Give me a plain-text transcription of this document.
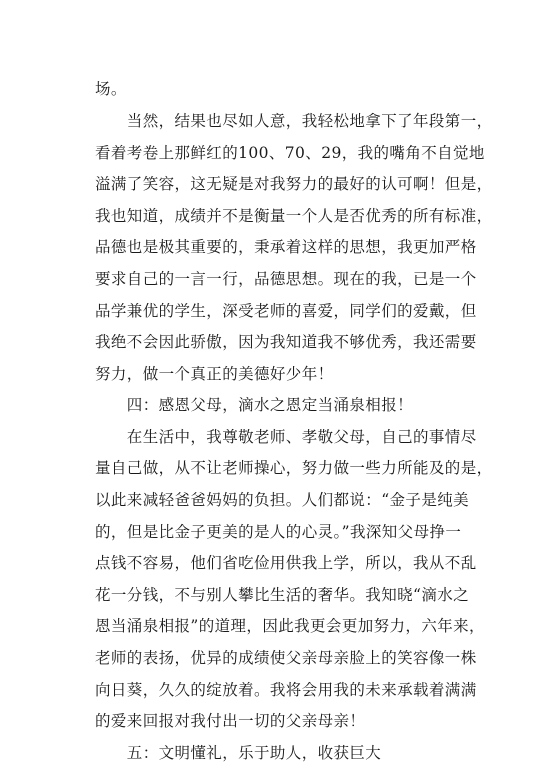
场。
　　当然，结果也尽如人意，我轻松地拿下了年段第一，
看着考卷上那鲜红的100、70、29，我的嘴角不自觉地
溢满了笑容，这无疑是对我努力的最好的认可啊！但是，
我也知道，成绩并不是衡量一个人是否优秀的所有标准，
品德也是极其重要的，秉承着这样的思想，我更加严格
要求自己的一言一行，品德思想。现在的我，已是一个
品学兼优的学生，深受老师的喜爱，同学们的爱戴，但
我绝不会因此骄傲，因为我知道我不够优秀，我还需要
努力，做一个真正的美德好少年！
　　四：感恩父母，滴水之恩定当涌泉相报！
　　在生活中，我尊敬老师、孝敬父母，自己的事情尽
量自己做，从不让老师操心，努力做一些力所能及的是，
以此来减轻爸爸妈妈的负担。人们都说：“金子是纯美
的，但是比金子更美的是人的心灵。”我深知父母挣一
点钱不容易，他们省吃俭用供我上学，所以，我从不乱
花一分钱，不与别人攀比生活的奢华。我知晓“滴水之
恩当涌泉相报”的道理，因此我更会更加努力，六年来，
老师的表扬，优异的成绩使父亲母亲脸上的笑容像一株
向日葵，久久的绽放着。我将会用我的未来承载着满满
的爱来回报对我付出一切的父亲母亲！
　　五：文明懂礼，乐于助人，收获巨大
